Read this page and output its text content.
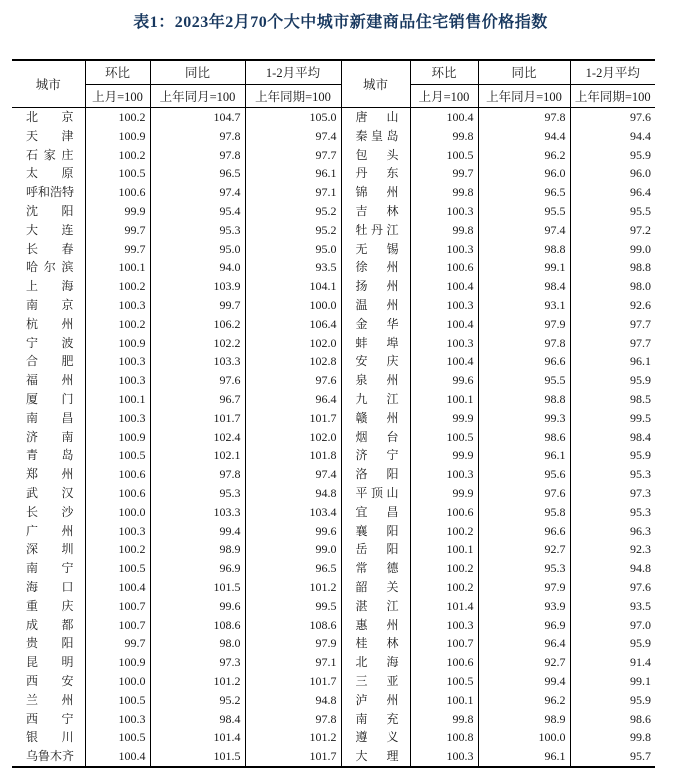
表1：2023年2月70个大中城市新建商品住宅销售价格指数
城市	环比	同比	1-2月平均	城市	环比	同比	1-2月平均
	上月=100	上年同月=100	上年同期=100		上月=100	上年同月=100	上年同期=100

北京	100.2	104.7	105.0	唐山	100.4	97.8	97.6

天津	100.9	97.8	97.4	秦皇岛	99.8	94.4	94.4

石家庄	100.2	97.8	97.7	包头	100.5	96.2	95.9

太原	100.5	96.5	96.1	丹东	99.7	96.0	96.0

呼和浩特	100.6	97.4	97.1	锦州	99.8	96.5	96.4

沈阳	99.9	95.4	95.2	吉林	100.3	95.5	95.5

大连	99.7	95.3	95.2	牡丹江	99.8	97.4	97.2

长春	99.7	95.0	95.0	无锡	100.3	98.8	99.0

哈尔滨	100.1	94.0	93.5	徐州	100.6	99.1	98.8

上海	100.2	103.9	104.1	扬州	100.4	98.4	98.0

南京	100.3	99.7	100.0	温州	100.3	93.1	92.6

杭州	100.2	106.2	106.4	金华	100.4	97.9	97.7

宁波	100.9	102.2	102.0	蚌埠	100.3	97.8	97.7

合肥	100.3	103.3	102.8	安庆	100.4	96.6	96.1

福州	100.3	97.6	97.6	泉州	99.6	95.5	95.9

厦门	100.1	96.7	96.4	九江	100.1	98.8	98.5

南昌	100.3	101.7	101.7	赣州	99.9	99.3	99.5

济南	100.9	102.4	102.0	烟台	100.5	98.6	98.4

青岛	100.5	102.1	101.8	济宁	99.9	96.1	95.9

郑州	100.6	97.8	97.4	洛阳	100.3	95.6	95.3

武汉	100.6	95.3	94.8	平顶山	99.9	97.6	97.3

长沙	100.0	103.3	103.4	宜昌	100.6	95.8	95.3

广州	100.3	99.4	99.6	襄阳	100.2	96.6	96.3

深圳	100.2	98.9	99.0	岳阳	100.1	92.7	92.3

南宁	100.5	96.9	96.5	常德	100.2	95.3	94.8

海口	100.4	101.5	101.2	韶关	100.2	97.9	97.6

重庆	100.7	99.6	99.5	湛江	101.4	93.9	93.5

成都	100.7	108.6	108.6	惠州	100.3	96.9	97.0

贵阳	99.7	98.0	97.9	桂林	100.7	96.4	95.9

昆明	100.9	97.3	97.1	北海	100.6	92.7	91.4

西安	100.0	101.2	101.7	三亚	100.5	99.4	99.1

兰州	100.5	95.2	94.8	泸州	100.1	96.2	95.9

西宁	100.3	98.4	97.8	南充	99.8	98.9	98.6

银川	100.5	101.4	101.2	遵义	100.8	100.0	99.8

乌鲁木齐	100.4	101.5	101.7	大理	100.3	96.1	95.7
